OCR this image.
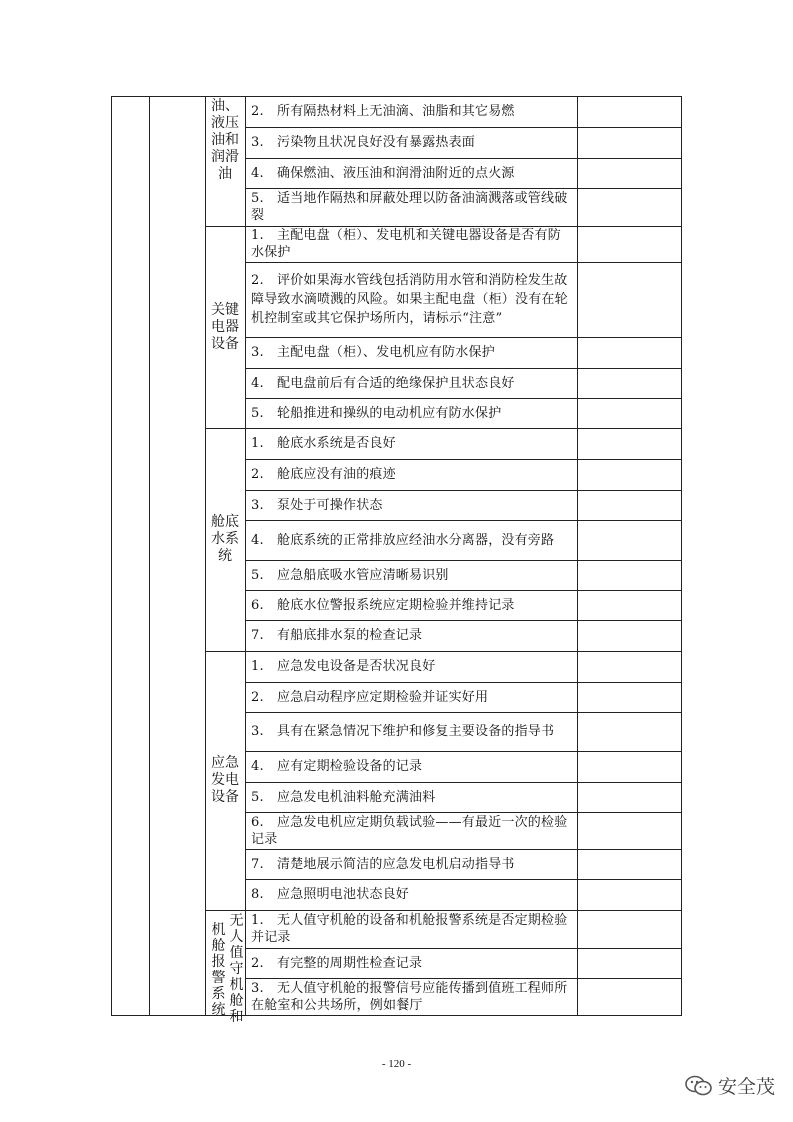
油、液压油和润滑油
关键电器设备
舱底水系统
应急发电设备
无人值守机舱和
机舱报警系统
2.　所有隔热材料上无油滴、油脂和其它易燃
3.　污染物且状况良好没有暴露热表面
4.　确保燃油、液压油和润滑油附近的点火源
5.　适当地作隔热和屏蔽处理以防备油滴溅落或管线破裂
1.　主配电盘（柜）、发电机和关键电器设备是否有防水保护
2.　评价如果海水管线包括消防用水管和消防栓发生故障导致水滴喷溅的风险。如果主配电盘（柜）没有在轮机控制室或其它保护场所内，请标示“注意”
3.　主配电盘（柜）、发电机应有防水保护
4.　配电盘前后有合适的绝缘保护且状态良好
5.　轮船推进和操纵的电动机应有防水保护
1.　舱底水系统是否良好
2.　舱底应没有油的痕迹
3.　泵处于可操作状态
4.　舱底系统的正常排放应经油水分离器，没有旁路
5.　应急船底吸水管应清晰易识别
6.　舱底水位警报系统应定期检验并维持记录
7.　有船底排水泵的检查记录
1.　应急发电设备是否状况良好
2.　应急启动程序应定期检验并证实好用
3.　具有在紧急情况下维护和修复主要设备的指导书
4.　应有定期检验设备的记录
5.　应急发电机油料舱充满油料
6.　应急发电机应定期负载试验——有最近一次的检验记录
7.　清楚地展示简洁的应急发电机启动指导书
8.　应急照明电池状态良好
1.　无人值守机舱的设备和机舱报警系统是否定期检验并记录
2.　有完整的周期性检查记录
3.　无人值守机舱的报警信号应能传播到值班工程师所在舱室和公共场所，例如餐厅
- 120 -
安全茂
